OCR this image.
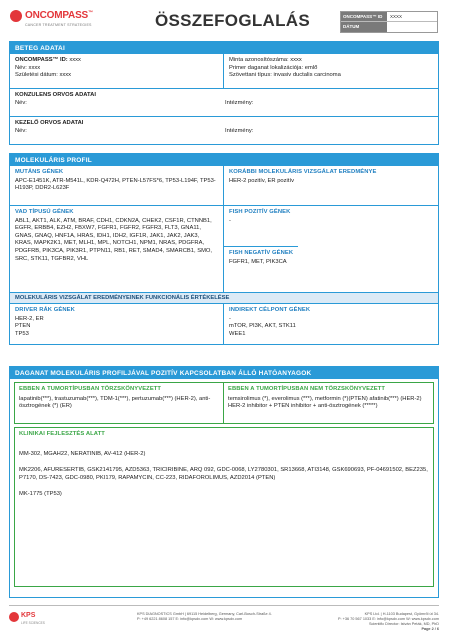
ONCOMPASS™
CANCER TREATMENT STRATEGIES	ÖSSZEFOGLALÁS	ONCOMPASS™ ID	XXXX
DÁTUM
BETEG ADATAI
ONCOMPASS™ ID: xxxx
Név: xxxx
Születési dátum: xxxx
Minta azonosítószáma: xxxx
Primer daganat lokalizációja: emlő
Szövettani típus: invasiv ductalis carcinoma
KONZULENS ORVOS ADATAI
Név:	Intézmény:
KEZELŐ ORVOS ADATAI
Név:	Intézmény:
MOLEKULÁRIS PROFIL
MUTÁNS GÉNEK
APC-E1451K, ATR-M541L, KDR-Q472H, PTEN-L57FS*6, TP53-L194F, TP53-H193P, DDR2-L623F
KORÁBBI MOLEKULÁRIS VIZSGÁLAT EREDMÉNYE
HER-2 pozitív, ER pozitív
VAD TÍPUSÚ GÉNEK
ABL1, AKT1, ALK, ATM, BRAF, CDH1, CDKN2A, CHEK2, CSF1R, CTNNB1, EGFR, ERBB4, EZH2, FBXW7, FGFR1, FGFR2, FGFR3, FLT3, GNA11, GNAS, GNAQ, HNF1A, HRAS, IDH1, IDH2, IGF1R, JAK1, JAK2, JAK3, KRAS, MAPK2K1, MET, MLH1, MPL, NOTCH1, NPM1, NRAS, PDGFRA, PDGFRB, PIK3CA, PIK3R1, PTPN11, RB1, RET, SMAD4, SMARCB1, SMO, SRC, STK11, TGFBR2, VHL
FISH POZITÍV GÉNEK
-
FISH NEGATÍV GÉNEK
FGFR1, MET, PIK3CA
MOLEKULÁRIS VIZSGÁLAT EREDMÉNYEINEK FUNKCIONÁLIS ÉRTÉKELÉSE
DRIVER RÁK GÉNEK
HER-2, ER
PTEN
TP53
INDIREKT CÉLPONT GÉNEK
-
mTOR, PI3K, AKT, STK11
WEE1
DAGANAT MOLEKULÁRIS PROFILJÁVAL POZITÍV KAPCSOLATBAN ÁLLÓ HATÓANYAGOK
EBBEN A TUMORTÍPUSBAN TÖRZSKÖNYVEZETT
lapatinib(***), trastuzumab(***), TDM-1(***), pertuzumab(***) (HER-2), anti-ösztrogének (*) (ER)
EBBEN A TUMORTÍPUSBAN NEM TÖRZSKÖNYVEZETT
temsirolimus (*), everolimus (***), metformin (*)(PTEN) afatinib(***) (HER-2)
HER-2 inhibitor + PTEN inhibitor + anti-ösztrogének (*****)
KLINIKAI FEJLESZTÉS ALATT
MM-302, MGAH22, NERATINIB, AV-412 (HER-2)
MK2206, AFURESERTIB, GSK2141795, AZD5363, TRICIRIBINE, ARQ 092, GDC-0068, LY2780301, SR13668, ATI3148, GSK690693, PF-04691502, BEZ235, P7170, DS-7423, GDC-0980, PKI179, RAPAMYCIN, CC-223, RIDAFOROLIMUS, AZD2014 (PTEN)
MK-1775 (TP53)
KPS
LIFE SCIENCES
KPS DIAGNOSTICS GmbH | 69115 Heidelberg, Germany, Carl-Bosch-Straße 4.
P: +49 6221 8608 157 E: info@kpsdx.com W: www.kpsdx.com
KPS Ltd. | H-1103 Budapest, Gyömrői út 34.
P: +36 70 567 1033 E: info@kpsdx.com W: www.kpsdx.com
Scientific Director: István Peták, MD, PhD
Page 2 / 6
